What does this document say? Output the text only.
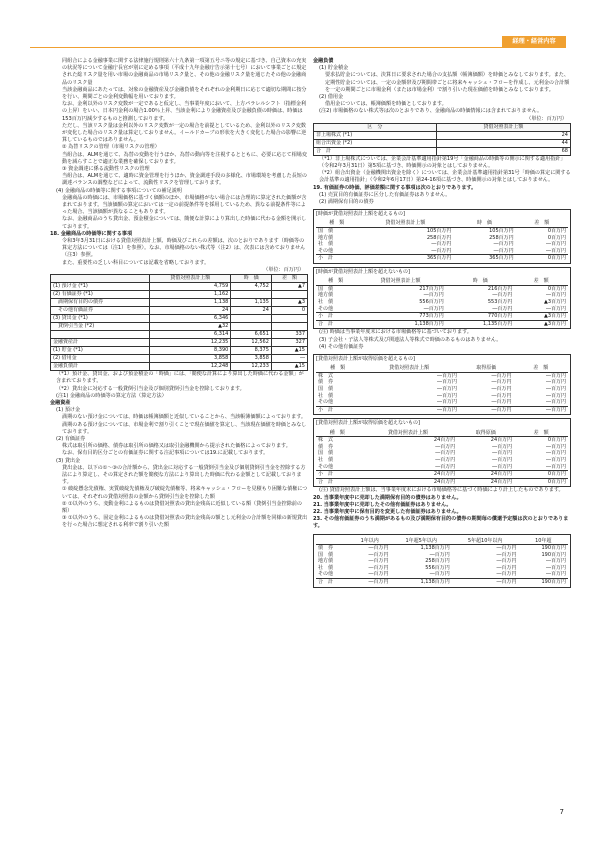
経理・経営内容

同組合による金融事業に関する法律施行規則第六十九条第一項第五号ニ等の規定に基づき、自己資本の充実の状況等について金融庁長官が別に定める事項（平成十九年金融庁告示第十七号）において事業ごとに規定された総リスク量を用い市場の金融商品の市場リスク量と、その他の金融リスク量を通じたその他の金融商品のリスク量

当該金融商品にあたっては、対象の金融資産及び金融負債をそれぞれの金利期日に応じて適切な期間に按分を行い、期間ごとの金利変動幅を用いております。

なお、金利以外のリスク変数が一定であると仮定し、当事業年度において、上方パラレルシフト（指標金利の上昇）をいい、日本円金利の場合1.00％上昇、当該金利により金融資産及び金融負債の時価は、時価は153百万円減少するものと推測しております。

ただし、当該リスク量は金利以外のリスク変数が一定の場合を前提としているため、金利以外のリスク変数が変化した場合のリスク量は算定しておりません。イールドカーブの形状を大きく変化した場合の影響に逆算しているものではありません。

② 為替リスクの管理（市場リスクの管理）

当組合は、ALMを通じて、為替の変動を行うほか、為替の動向等を注視するとともに、必要に応じて相場変動を減らすことで適正な業務を確保しております。

③ 資金調達に係る流動性リスクの管理

当組合は、ALMを通じて、適時に資金管理を行うほか、資金調達手段の多様化、市場環境を考慮した長短の調達バランスの調整などによって、流動性リスクを管理しております。

(4) 金融商品の時価等に関する事項についての補足説明

金融商品の時価には、市場価格に基づく価額のほか、市場価格がない場合には合理的に算定された価額が含まれております。当該価額の算定においては一定の前提条件等を採用しているため、異なる前提条件等によった場合、当該価額が異なることもあります。

なお、金融商品のうち貸出金、預金積金については、簡便な計算により算出した時価に代わる金額を開示しております。

18. 金融商品の時価等に関する事項

令和3年3月31日における貸借対照表計上額、時価及びこれらの差額は、次のとおりであります（時価等の算定方法については（注1）を参照）。なお、市場価格のない株式等（注2）は、次表には含めておりません（注3）参照。

また、重要性の乏しい科目については記載を省略しております。

（単位：百万円）
	貸借対照表計上額	時　価	差　額
(1) 預け金 (*1)	4,759	4,752	▲7
(2) 有価証券 (*1)	1,162		
　満期保有目的の債券	1,138	1,135	▲3
　その他有価証券	24	24	0
(3) 貸出金 (*1)	6,346		
　貸倒引当金 (*2)	▲32		
	6,314	6,651	337
金融資産計	12,235	12,562	327
(1) 貯金 (*1)	8,390	8,375	▲15
(2) 借用金	3,858	3,858	―
金融負債計	12,248	12,233	▲15

（*1）預け金、貸出金、および預金積金の「時価」には、「簡便な計算により算出した時価に代わる金額」が含まれております。

（*2）貸出金に対応する一般貸倒引当金及び個別貸倒引当金を控除しております。

(注1) 金融商品の時価等の算定方法（算定方法）

金融資産

(1) 預け金

満期のない預け金については、時価は帳簿価額と近似していることから、当該帳簿価額によっております。満期のある預け金については、市場金利で割り引くことで現在価値を算定し、当該現在価値を時価とみなしております。

(2) 有価証券

株式は取引所の価格、債券は取引所の価格又は取引金融機関から提示された価格によっております。

なお、保有目的区分ごとの有価証券に関する注記事項については19.に記載しております。

(3) 貸出金

貸出金は、以下の①〜③の合計額から、貸出金に対応する一般貸倒引当金及び個別貸倒引当金を控除する方法により算定し、その算定された額を簡便な方法により算出した時価に代わる金額として記載しております。

① 破綻懸念先債権、実質破綻先債権及び破綻先債権等、将来キャッシュ・フローを見積もり困難な債権については、それぞれの貸借対照表の金額から貸倒引当金を控除した額

② ①以外のうち、変動金利によるものは貸借対照表の貸出金残高に近似している額（貸倒引当金控除前の額）

③ ①以外のうち、固定金利によるものは貸借対照表の貸出金残高の額とし元利金の合計額を同様の新規貸出を行った場合に想定される利率で割り引いた額

金融負債

(1) 貯金積金

要求払貯金については、決算日に要求された場合の支払額（帳簿価額）を時価とみなしております。また、定期性貯金については、一定の金額帯及び期間帯ごとに将来キャッシュ・フローを作成し、元利金の合計額を一定の期間ごとに市場金利（または市場金利）で割り引いた現在価値を時価とみなしております。

(2) 借用金

借用金については、帳簿価額を時価としております。

(注2) 市場価格のない株式等は次のとおりであり、金融商品の時価情報には含まれておりません。

（単位：百万円）
区　分	貸借対照表計上額
非上場株式 (*1)	24
組合出資金 (*2)	44
合　計	68

（*1）非上場株式については、企業会計基準適用指針第19号「金融商品の時価等の開示に関する適用指針」（令和2年3月31日）第5項に基づき、時価開示の対象とはしておりません。

（*2）組合出資金（金融機関出資金を除く）については、企業会計基準適用指針第31号「時価の算定に関する会計基準の適用指針」（令和2年6月17日）第24-16項に基づき、時価開示の対象とはしておりません。

19. 有価証券の時価、評価差額に関する事項は次のとおりであります。

(1) 売買目的有価証券に区分した有価証券はありません。

(2) 満期保有目的の債券

[時価が貸借対照表計上額を超えるもの]
種　類	貸借対照表計上額	時　価	差　額
国　債	105百万円	105百万円	0百万円
地方債	258百万円	258百万円	0百万円
社　債	―百万円	―百万円	―百万円
その他	―百万円	―百万円	―百万円
小　計	365百万円	365百万円	0百万円
[時価が貸借対照表計上額を超えないもの]
種　類	貸借対照表計上額	時　価	差　額
国　債	217百万円	216百万円	0百万円
地方債	―百万円	―百万円	―百万円
社　債	556百万円	553百万円	▲3百万円
その他	―百万円	―百万円	―百万円
小　計	773百万円	770百万円	▲3百万円
合　計	1,138百万円	1,135百万円	▲3百万円

(注) 時価は当事業年度末における市場価格等に基づいております。

(3) 子会社・子法人等株式及び関連法人等株式で時価のあるものはありません。

(4) その他有価証券

[貸借対照表計上額が取得原価を超えるもの]
種　類	貸借対照表計上額	取得原価	差　額
株　式	―百万円	―百万円	―百万円
債　券	―百万円	―百万円	―百万円
国　債	―百万円	―百万円	―百万円
社　債	―百万円	―百万円	―百万円
その他	―百万円	―百万円	―百万円
小　計	―百万円	―百万円	―百万円
[貸借対照表計上額が取得原価を超えないもの]
種　類	貸借対照表計上額	取得原価	差　額
株　式	24百万円	24百万円	0百万円
債　券	―百万円	―百万円	―百万円
国　債	―百万円	―百万円	―百万円
社　債	―百万円	―百万円	―百万円
その他	―百万円	―百万円	―百万円
小　計	24百万円	24百万円	0百万円
合　計	24百万円	24百万円	0百万円

(注) 貸借対照表計上額は、当事業年度末における市場価格等に基づく時価により計上したものであります。

20. 当事業年度中に売却した満期保有目的の債券はありません。

21. 当事業年度中に売却したその他有価証券はありません。

22. 当事業年度中に保有目的を変更した有価証券はありません。

23. その他有価証券のうち満期があるもの及び満期保有目的の債券の期間毎の償還予定額は次のとおりであります。

	1年以内	1年超5年以内	5年超10年以内	10年超
債　券	―百万円	1,138百万円	―百万円	190百万円
国　債	―百万円	―百万円	―百万円	190百万円
地方債	―百万円	258百万円	―百万円	―百万円
社　債	―百万円	556百万円	―百万円	―百万円
その他	―百万円	―百万円	―百万円	―百万円
合　計	―百万円	1,138百万円	―百万円	190百万円
7
